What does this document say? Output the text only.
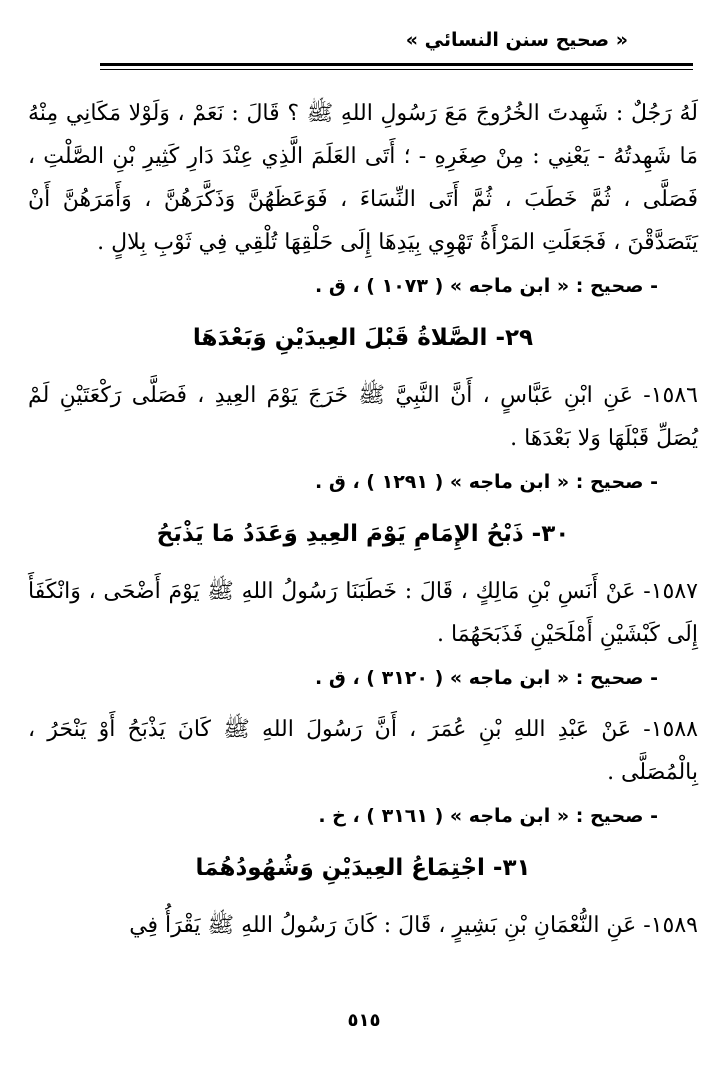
« صحيح سنن النسائي »

لَهُ رَجُلٌ : شَهِدتَ الخُرُوجَ مَعَ رَسُولِ اللهِ ﷺ ؟ قَالَ : نَعَمْ ، وَلَوْلا مَكَانِي مِنْهُ مَا شَهِدتُهُ - يَعْنِي : مِنْ صِغَرِهِ - ؛ أَتَى العَلَمَ الَّذِي عِنْدَ دَارِ كَثِيرِ بْنِ الصَّلْتِ ، فَصَلَّى ، ثُمَّ خَطَبَ ، ثُمَّ أَتَى النِّسَاءَ ، فَوَعَظَهُنَّ وَذَكَّرَهُنَّ ، وَأَمَرَهُنَّ أَنْ يَتَصَدَّقْنَ ، فَجَعَلَتِ المَرْأَةُ تَهْوِي بِيَدِهَا إِلَى حَلْقِهَا تُلْقِي فِي ثَوْبِ بِلالٍ .

- صحيح : « ابن ماجه » ( ١٠٧٣ ) ، ق .

٢٩- الصَّلاةُ قَبْلَ العِيدَيْنِ وَبَعْدَهَا

١٥٨٦- عَنِ ابْنِ عَبَّاسٍ ، أَنَّ النَّبِيَّ ﷺ خَرَجَ يَوْمَ العِيدِ ، فَصَلَّى رَكْعَتَيْنِ لَمْ يُصَلِّ قَبْلَهَا وَلا بَعْدَهَا .

- صحيح : « ابن ماجه » ( ١٢٩١ ) ، ق .

٣٠- ذَبْحُ الإِمَامِ يَوْمَ العِيدِ وَعَدَدُ مَا يَذْبَحُ

١٥٨٧- عَنْ أَنَسِ بْنِ مَالِكٍ ، قَالَ : خَطَبَنَا رَسُولُ اللهِ ﷺ يَوْمَ أَضْحَى ، وَانْكَفَأَ إِلَى كَبْشَيْنِ أَمْلَحَيْنِ فَذَبَحَهُمَا .

- صحيح : « ابن ماجه » ( ٣١٢٠ ) ، ق .

١٥٨٨- عَنْ عَبْدِ اللهِ بْنِ عُمَرَ ، أَنَّ رَسُولَ اللهِ ﷺ كَانَ يَذْبَحُ أَوْ يَنْحَرُ ، بِالْمُصَلَّى .

- صحيح : « ابن ماجه » ( ٣١٦١ ) ، خ .

٣١- اجْتِمَاعُ العِيدَيْنِ وَشُهُودُهُمَا

١٥٨٩- عَنِ النُّعْمَانِ بْنِ بَشِيرٍ ، قَالَ : كَانَ رَسُولُ اللهِ ﷺ يَقْرَأُ فِي

٥١٥
